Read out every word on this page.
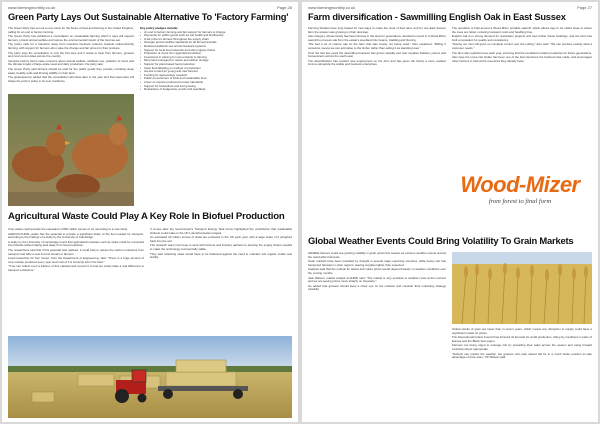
www.farmingmonthly.co.uk	Page 26
Green Party Lays Out Sustainable Alternative To 'Factory Farming'

The Green Party has set out a new vision for the future of food and farming in the United Kingdom, calling for an end to factory farming.

The Green Party has published a consultation on sustainable farming which it says will support farmers, protect animal welfare and reduce the environmental impact of the food we eat.

The policy calls for a transition away from intensive livestock systems towards nature-friendly farming, with support for farmers who make the change and fair prices for their produce.

The party says the consultation is only the first step and it wants to hear from farmers, growers and rural communities across the country.

Intensive factory farms raise concerns about animal welfare, antibiotic use, pollution of rivers and the climate impact of large-scale meat and dairy production, the party said.

The Green Party said farmers should be paid for the public goods they provide, including clean water, healthy soils and thriving wildlife on their land.

The spokesperson added that the consultation will close later in the year and that responses will shape the party's policy in its next manifesto.

Key policy pledges include:
• An end to factory farming and fair support for farmers to change
• Payments for public goods such as soil health and biodiversity
• A fair price for farmers throughout the supply chain
• Stronger animal welfare standards for all farmed animals
• Reduced antibiotic use across livestock systems
• Support for local food networks and short supply chains
• Protection of rivers from agricultural pollution
• Investment in training for new entrants to farming
• More land managed for nature and carbon storage
• Support for plant-based food production
• Clear food labelling on method of production
• Access to land for young and new farmers
• Funding for agroecology research
• Public procurement of local and sustainable food
• A ban on imports produced to lower standards
• Support for horticulture and fruit growing
• Restoration of hedgerows, ponds and woodland
Agricultural Waste Could Play A Key Role In Biofuel Production

Crop waste could provide the equivalent of 800 million tonnes of oil, according to a new study.

AGRICULTURAL waste has the potential to provide a significant share of the fuel needed for transport, according to the findings of a study by the University of Cambridge.

A study by the University of Cambridge found that agricultural residues such as straw could be converted into biofuels without taking land away from food production.

The researchers said that if this potential was realised, it could help to reduce the carbon emissions from transport and offer a new income stream to farmers.

Lead researcher Dr Tom Green, from the Department of Engineering, said: "There is a huge amount of crop residue produced every year and most of it is currently left in the field."

"If we can collect even a fraction of this material and convert it to fuel we could make a real difference to transport emissions."

It comes after the Government's Transport Energy Task Force highlighted the contribution that sustainable biofuels could make to the UK's decarbonisation targets.

An estimated 20 million tonnes of straw are produced in the UK each year, with a large share of it ploughed back into the soil.

The research team now hope to work with farmers and industry partners to develop the supply chains needed to make the technology commercially viable.

They said collecting straw would have to be balanced against the need to maintain soil organic matter and fertility.

www.farmingmonthly.co.uk	Page 27
Farm diversification - Sawmilling English Oak in East Sussex

Farming families have long looked for new ways to make the most of their land, and for one East Sussex farm the answer was growing on their doorstep.

Alex Gregory, whose family has been farming in the area for generations, decided to invest in a Wood-Mizer sawmill to process oak from the estate's woodland into beams, cladding and flooring.

"We had a lot of mature oak on the farm that was simply not being used," Alex explained. "Milling it ourselves means we can add value to the timber rather than selling it as standing trees."

Over the last few years the sawmilling business has grown steadily and now supplies builders, joiners and homeowners across the south east.

The diversification has created new employment on the farm and has given the family a more resilient income alongside the arable and livestock enterprises.

The operation is built around a Wood-Mizer portable sawmill, which allows logs to be milled close to where the trees are felled, reducing transport costs and handling time.

English oak is in strong demand for restoration projects and new timber frame buildings, and the farm has built a reputation for quality and consistency.

"Having our own mill gives us complete control over the cutting," Alex said. "We can produce exactly what a customer needs."

The farm also replants trees each year, ensuring that the woodland remains productive for future generations.

Alex says the move into timber has been one of the best decisions the business has made, and encourages other farmers to look at the resources they already have.

Wood-Mizer
from forest to final form
Global Weather Events Could Bring Volatility To Grain Markets

ARABLE farmers could see growing volatility in grain prices this season as extreme weather events around the world affect harvests.

Grain markets have been unsettled by drought in several major exporting countries, while heavy rain has hampered harvests in other regions, leaving supplies tighter than expected.

Analysts said that the outlook for wheat and maize prices would depend heavily on weather conditions over the coming months.

Jack Watson, market analyst at AHDB, said: "The market is very sensitive to weather news at the moment and we are seeing prices move sharply on forecasts."

He added that growers should keep a close eye on the markets and consider their marketing strategy carefully.

Global stocks of grain are lower than in recent years, which means any disruption to supply could have a significant impact on prices.

The International Grains Council has trimmed its forecast for world production, citing dry conditions in parts of Europe and the Black Sea region.

Farmers are being urged to manage risk by spreading their sales across the season and using forward contracts where appropriate.

"Nobody can predict the weather, but growers who plan ahead will be in a much better position to take advantage of price rises," Mr Watson said.
